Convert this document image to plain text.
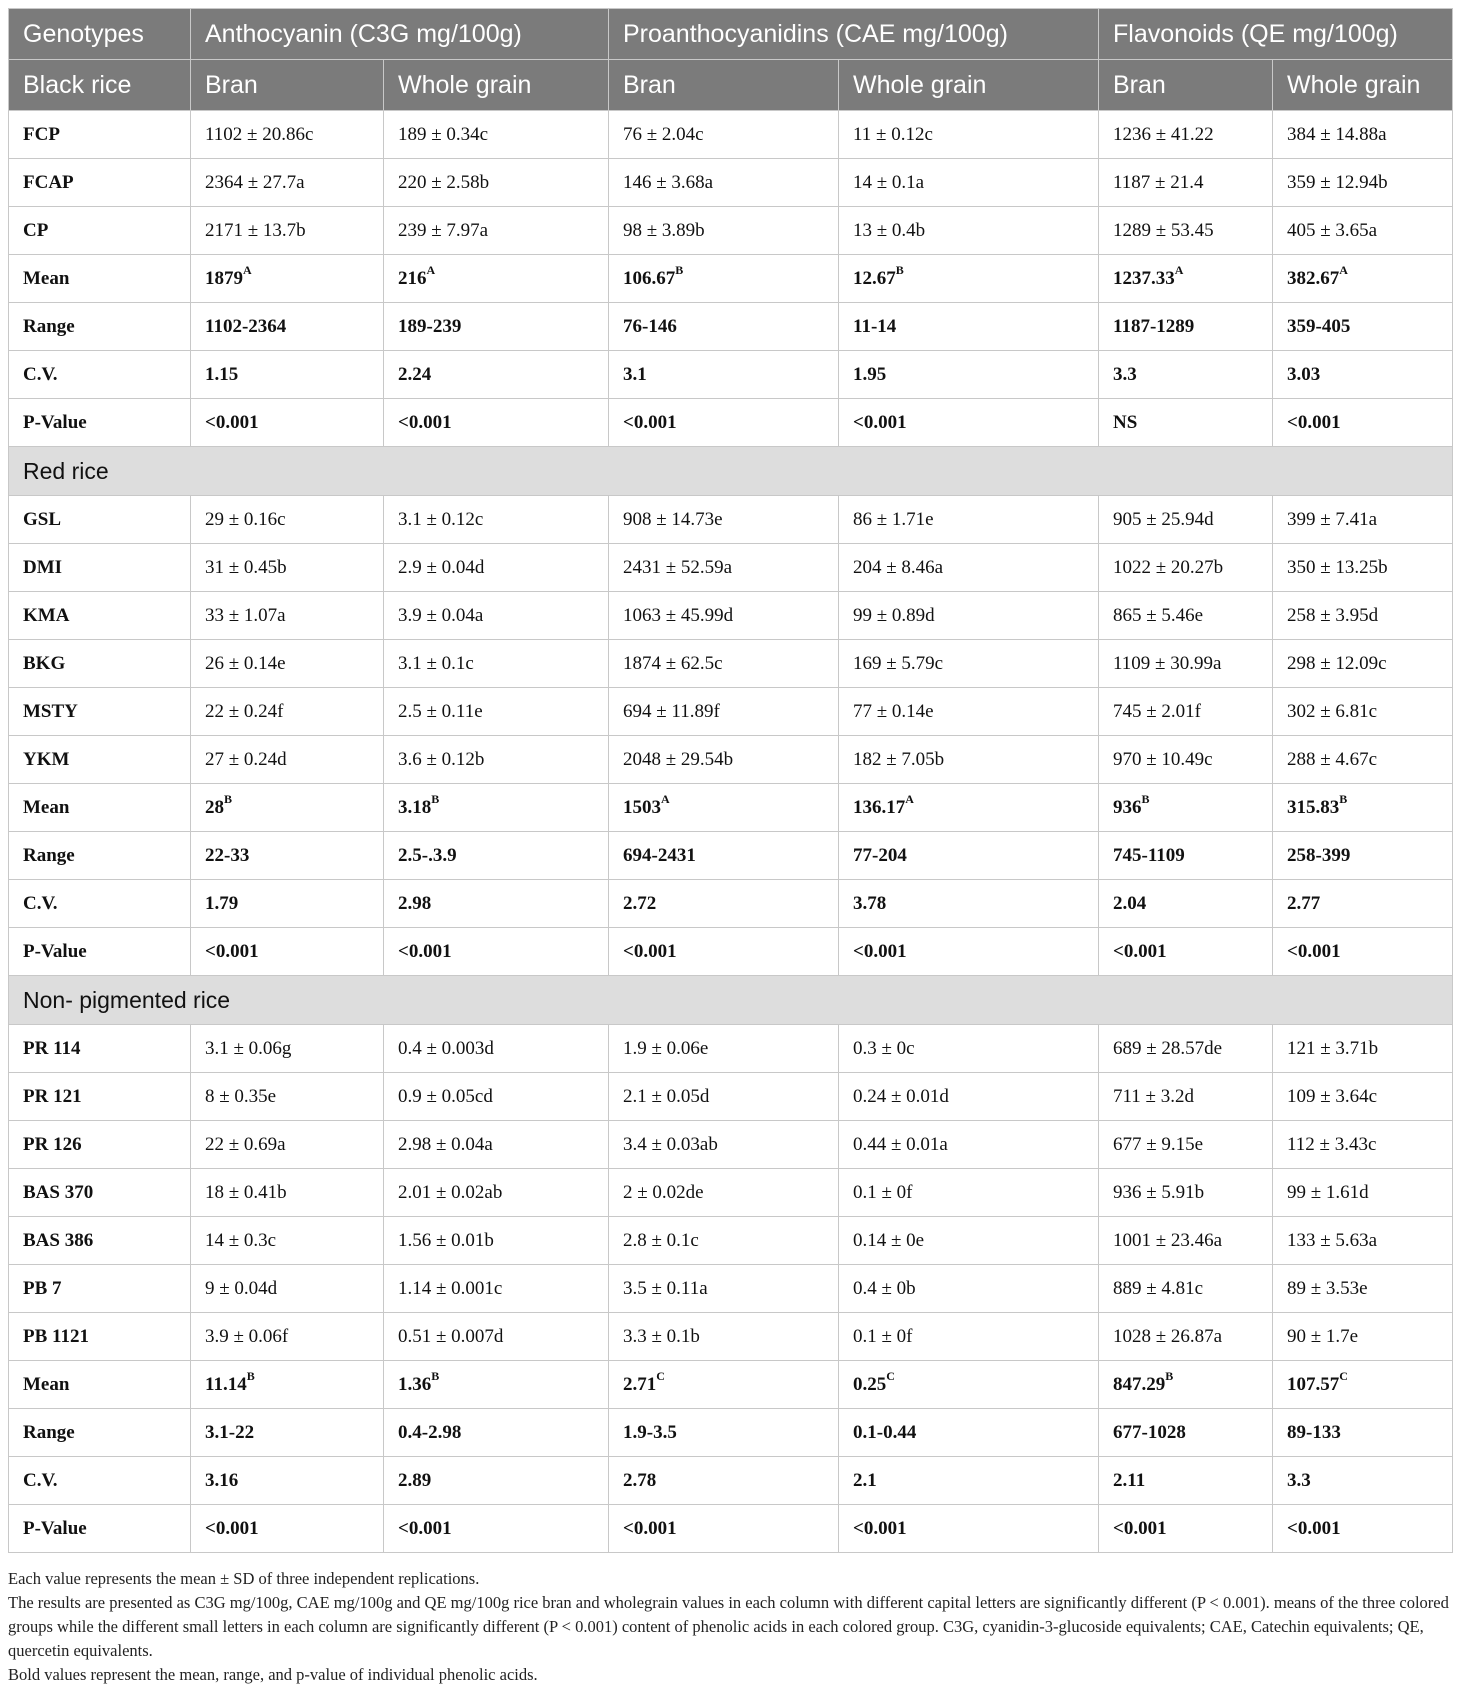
Genotypes	Anthocyanin (C3G mg/100g)		Proanthocyanidins (CAE mg/100g)		Flavonoids (QE mg/100g)	
Black rice	Bran	Whole grain	Bran	Whole grain	Bran	Whole grain
FCP	1102 ± 20.86c	189 ± 0.34c	76 ± 2.04c	11 ± 0.12c	1236 ± 41.22	384 ± 14.88a
FCAP	2364 ± 27.7a	220 ± 2.58b	146 ± 3.68a	14 ± 0.1a	1187 ± 21.4	359 ± 12.94b
CP	2171 ± 13.7b	239 ± 7.97a	98 ± 3.89b	13 ± 0.4b	1289 ± 53.45	405 ± 3.65a
Mean	$1879^A$	$216^A$	$106.67^B$	$12.67^B$	$1237.33^A$	$382.67^A$
Range	1102-2364	189-239	76-146	11-14	1187-1289	359-405
C.V.	1.15	2.24	3.1	1.95	3.3	3.03
P-Value	<0.001	<0.001	<0.001	<0.001	NS	<0.001
Red rice						
GSL	29 ± 0.16c	3.1 ± 0.12c	908 ± 14.73e	86 ± 1.71e	905 ± 25.94d	399 ± 7.41a
DMI	31 ± 0.45b	2.9 ± 0.04d	2431 ± 52.59a	204 ± 8.46a	1022 ± 20.27b	350 ± 13.25b
KMA	33 ± 1.07a	3.9 ± 0.04a	1063 ± 45.99d	99 ± 0.89d	865 ± 5.46e	258 ± 3.95d
BKG	26 ± 0.14e	3.1 ± 0.1c	1874 ± 62.5c	169 ± 5.79c	1109 ± 30.99a	298 ± 12.09c
MSTY	22 ± 0.24f	2.5 ± 0.11e	694 ± 11.89f	77 ± 0.14e	745 ± 2.01f	302 ± 6.81c
YKM	27 ± 0.24d	3.6 ± 0.12b	2048 ± 29.54b	182 ± 7.05b	970 ± 10.49c	288 ± 4.67c
Mean	$28^B$	$3.18^B$	$1503^A$	$136.17^A$	$936^B$	$315.83^B$
Range	22-33	2.5-.3.9	694-2431	77-204	745-1109	258-399
C.V.	1.79	2.98	2.72	3.78	2.04	2.77
P-Value	<0.001	<0.001	<0.001	<0.001	<0.001	<0.001
Non- pigmented rice						
PR 114	3.1 ± 0.06g	0.4 ± 0.003d	1.9 ± 0.06e	0.3 ± 0c	689 ± 28.57de	121 ± 3.71b
PR 121	8 ± 0.35e	0.9 ± 0.05cd	2.1 ± 0.05d	0.24 ± 0.01d	711 ± 3.2d	109 ± 3.64c
PR 126	22 ± 0.69a	2.98 ± 0.04a	3.4 ± 0.03ab	0.44 ± 0.01a	677 ± 9.15e	112 ± 3.43c
BAS 370	18 ± 0.41b	2.01 ± 0.02ab	2 ± 0.02de	0.1 ± 0f	936 ± 5.91b	99 ± 1.61d
BAS 386	14 ± 0.3c	1.56 ± 0.01b	2.8 ± 0.1c	0.14 ± 0e	1001 ± 23.46a	133 ± 5.63a
PB 7	9 ± 0.04d	1.14 ± 0.001c	3.5 ± 0.11a	0.4 ± 0b	889 ± 4.81c	89 ± 3.53e
PB 1121	3.9 ± 0.06f	0.51 ± 0.007d	3.3 ± 0.1b	0.1 ± 0f	1028 ± 26.87a	90 ± 1.7e
Mean	$11.14^B$	$1.36^B$	$2.71^C$	$0.25^C$	$847.29^B$	$107.57^C$
Range	3.1-22	0.4-2.98	1.9-3.5	0.1-0.44	677-1028	89-133
C.V.	3.16	2.89	2.78	2.1	2.11	3.3
P-Value	<0.001	<0.001	<0.001	<0.001	<0.001	<0.001

Each value represents the mean ± SD of three independent replications.

The results are presented as C3G mg/100g, CAE mg/100g and QE mg/100g rice bran and wholegrain values in each column with different capital letters are significantly different (P < 0.001). means of the three colored groups while the different small letters in each column are significantly different (P < 0.001) content of phenolic acids in each colored group. C3G, cyanidin-3-glucoside equivalents; CAE, Catechin equivalents; QE, quercetin equivalents.

Bold values represent the mean, range, and p-value of individual phenolic acids.
